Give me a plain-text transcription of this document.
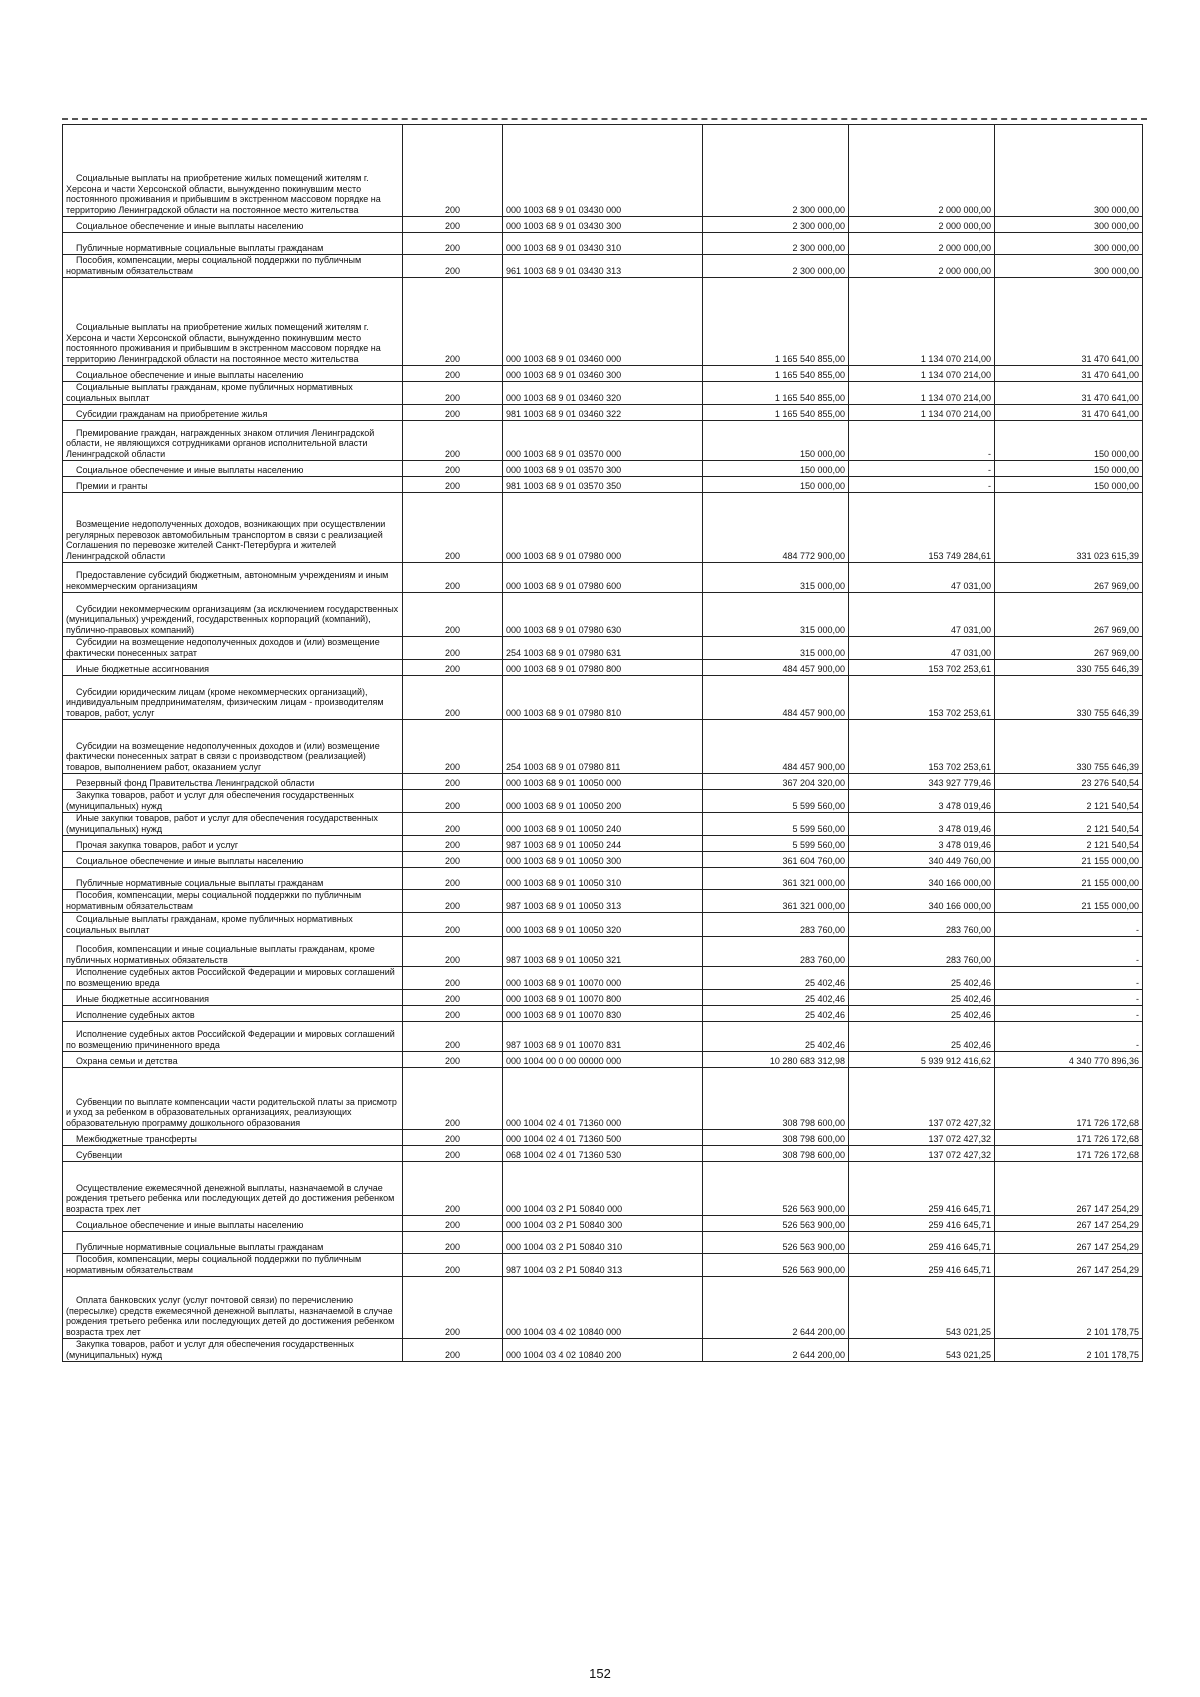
Социальные выплаты на приобретение жилых помещений жителям г. Херсона и части Херсонской области, вынужденно покинувшим место постоянного проживания и прибывшим в экстренном массовом порядке на территорию Ленинградской области на постоянное место жительства	200	000 1003 68 9 01 03430 000	2 300 000,00	2 000 000,00	300 000,00
Социальное обеспечение и иные выплаты населению	200	000 1003 68 9 01 03430 300	2 300 000,00	2 000 000,00	300 000,00
Публичные нормативные социальные выплаты гражданам	200	000 1003 68 9 01 03430 310	2 300 000,00	2 000 000,00	300 000,00
Пособия, компенсации, меры социальной поддержки по публичным нормативным обязательствам	200	961 1003 68 9 01 03430 313	2 300 000,00	2 000 000,00	300 000,00
Социальные выплаты на приобретение жилых помещений жителям г. Херсона и части Херсонской области, вынужденно покинувшим место постоянного проживания и прибывшим в экстренном массовом порядке на территорию Ленинградской области на постоянное место жительства	200	000 1003 68 9 01 03460 000	1 165 540 855,00	1 134 070 214,00	31 470 641,00
Социальное обеспечение и иные выплаты населению	200	000 1003 68 9 01 03460 300	1 165 540 855,00	1 134 070 214,00	31 470 641,00
Социальные выплаты гражданам, кроме публичных нормативных социальных выплат	200	000 1003 68 9 01 03460 320	1 165 540 855,00	1 134 070 214,00	31 470 641,00
Субсидии гражданам на приобретение жилья	200	981 1003 68 9 01 03460 322	1 165 540 855,00	1 134 070 214,00	31 470 641,00
Премирование граждан, награжденных знаком отличия Ленинградской области, не являющихся сотрудниками органов исполнительной власти Ленинградской области	200	000 1003 68 9 01 03570 000	150 000,00	-	150 000,00
Социальное обеспечение и иные выплаты населению	200	000 1003 68 9 01 03570 300	150 000,00	-	150 000,00
Премии и гранты	200	981 1003 68 9 01 03570 350	150 000,00	-	150 000,00
Возмещение недополученных доходов, возникающих при осуществлении регулярных перевозок автомобильным транспортом в связи с реализацией Соглашения по перевозке жителей Санкт-Петербурга и жителей Ленинградской области	200	000 1003 68 9 01 07980 000	484 772 900,00	153 749 284,61	331 023 615,39
Предоставление субсидий бюджетным, автономным учреждениям и иным некоммерческим организациям	200	000 1003 68 9 01 07980 600	315 000,00	47 031,00	267 969,00
Субсидии некоммерческим организациям (за исключением государственных (муниципальных) учреждений, государственных корпораций (компаний), публично-правовых компаний)	200	000 1003 68 9 01 07980 630	315 000,00	47 031,00	267 969,00
Субсидии на возмещение недополученных доходов и (или) возмещение фактически понесенных затрат	200	254 1003 68 9 01 07980 631	315 000,00	47 031,00	267 969,00
Иные бюджетные ассигнования	200	000 1003 68 9 01 07980 800	484 457 900,00	153 702 253,61	330 755 646,39
Субсидии юридическим лицам (кроме некоммерческих организаций), индивидуальным предпринимателям, физическим лицам - производителям товаров, работ, услуг	200	000 1003 68 9 01 07980 810	484 457 900,00	153 702 253,61	330 755 646,39
Субсидии на возмещение недополученных доходов и (или) возмещение фактически понесенных затрат в связи с производством (реализацией) товаров, выполнением работ, оказанием услуг	200	254 1003 68 9 01 07980 811	484 457 900,00	153 702 253,61	330 755 646,39
Резервный фонд Правительства Ленинградской области	200	000 1003 68 9 01 10050 000	367 204 320,00	343 927 779,46	23 276 540,54
Закупка товаров, работ и услуг для обеспечения государственных (муниципальных) нужд	200	000 1003 68 9 01 10050 200	5 599 560,00	3 478 019,46	2 121 540,54
Иные закупки товаров, работ и услуг для обеспечения государственных (муниципальных) нужд	200	000 1003 68 9 01 10050 240	5 599 560,00	3 478 019,46	2 121 540,54
Прочая закупка товаров, работ и услуг	200	987 1003 68 9 01 10050 244	5 599 560,00	3 478 019,46	2 121 540,54
Социальное обеспечение и иные выплаты населению	200	000 1003 68 9 01 10050 300	361 604 760,00	340 449 760,00	21 155 000,00
Публичные нормативные социальные выплаты гражданам	200	000 1003 68 9 01 10050 310	361 321 000,00	340 166 000,00	21 155 000,00
Пособия, компенсации, меры социальной поддержки по публичным нормативным обязательствам	200	987 1003 68 9 01 10050 313	361 321 000,00	340 166 000,00	21 155 000,00
Социальные выплаты гражданам, кроме публичных нормативных социальных выплат	200	000 1003 68 9 01 10050 320	283 760,00	283 760,00	-
Пособия, компенсации и иные социальные выплаты гражданам, кроме публичных нормативных обязательств	200	987 1003 68 9 01 10050 321	283 760,00	283 760,00	-
Исполнение судебных актов Российской Федерации и мировых соглашений по возмещению вреда	200	000 1003 68 9 01 10070 000	25 402,46	25 402,46	-
Иные бюджетные ассигнования	200	000 1003 68 9 01 10070 800	25 402,46	25 402,46	-
Исполнение судебных актов	200	000 1003 68 9 01 10070 830	25 402,46	25 402,46	-
Исполнение судебных актов Российской Федерации и мировых соглашений по возмещению причиненного вреда	200	987 1003 68 9 01 10070 831	25 402,46	25 402,46	-
Охрана семьи и детства	200	000 1004 00 0 00 00000 000	10 280 683 312,98	5 939 912 416,62	4 340 770 896,36
Субвенции по выплате компенсации части родительской платы за присмотр и уход за ребенком в образовательных организациях, реализующих образовательную программу дошкольного образования	200	000 1004 02 4 01 71360 000	308 798 600,00	137 072 427,32	171 726 172,68
Межбюджетные трансферты	200	000 1004 02 4 01 71360 500	308 798 600,00	137 072 427,32	171 726 172,68
Субвенции	200	068 1004 02 4 01 71360 530	308 798 600,00	137 072 427,32	171 726 172,68
Осуществление ежемесячной денежной выплаты, назначаемой в случае рождения третьего ребенка или последующих детей до достижения ребенком возраста трех лет	200	000 1004 03 2 P1 50840 000	526 563 900,00	259 416 645,71	267 147 254,29
Социальное обеспечение и иные выплаты населению	200	000 1004 03 2 P1 50840 300	526 563 900,00	259 416 645,71	267 147 254,29
Публичные нормативные социальные выплаты гражданам	200	000 1004 03 2 P1 50840 310	526 563 900,00	259 416 645,71	267 147 254,29
Пособия, компенсации, меры социальной поддержки по публичным нормативным обязательствам	200	987 1004 03 2 P1 50840 313	526 563 900,00	259 416 645,71	267 147 254,29
Оплата банковских услуг (услуг почтовой связи) по перечислению (пересылке) средств ежемесячной денежной выплаты, назначаемой в случае рождения третьего ребенка или последующих детей до достижения ребенком возраста трех лет	200	000 1004 03 4 02 10840 000	2 644 200,00	543 021,25	2 101 178,75
Закупка товаров, работ и услуг для обеспечения государственных (муниципальных) нужд	200	000 1004 03 4 02 10840 200	2 644 200,00	543 021,25	2 101 178,75
152
